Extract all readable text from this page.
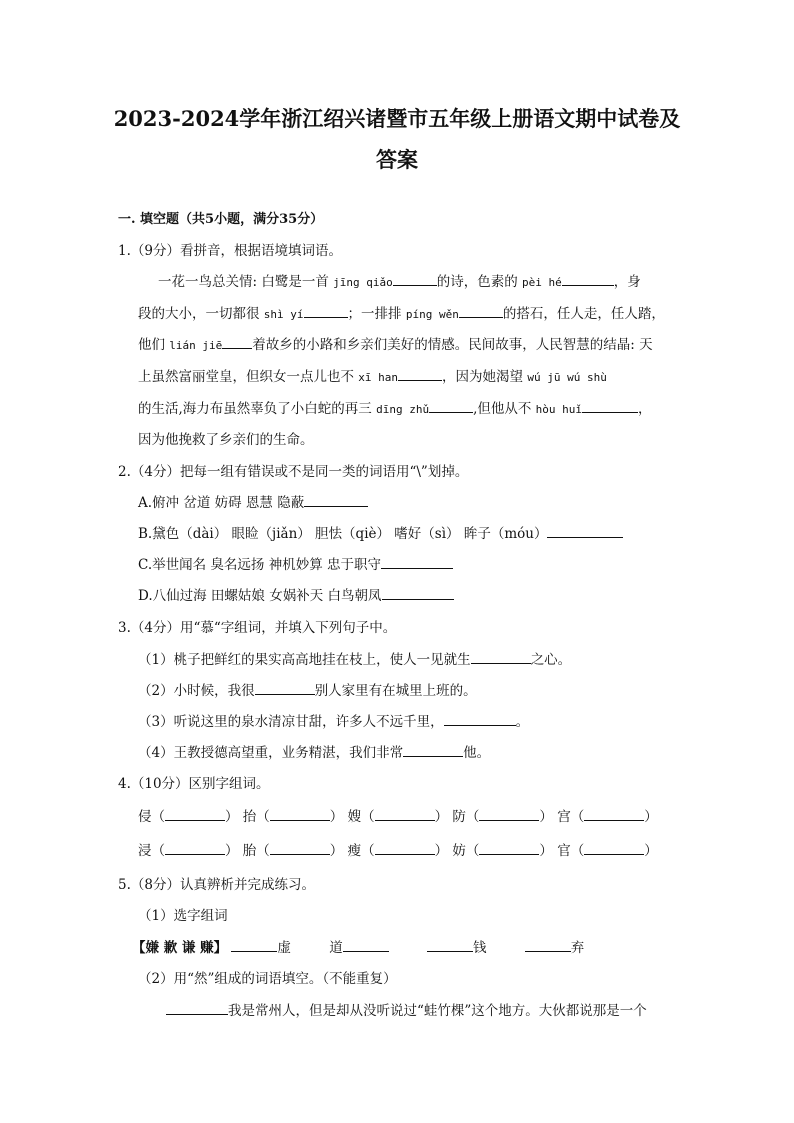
2023-2024学年浙江绍兴诸暨市五年级上册语文期中试卷及
答案
一. 填空题（共5小题，满分35分）
1.（9分）看拼音，根据语境填词语。
一花一鸟总关情: 白鹭是一首 jīng qiǎo	的诗，色素的 pèi hé	，身
段的大小，一切都很 shì yí	；一排排 píng wěn	的搭石，任人走，任人踏，
他们 lián jiē 着故乡的小路和乡亲们美好的情感。民间故事，人民智慧的结晶: 天
上虽然富丽堂皇，但织女一点儿也不 xī han	，因为她渴望 wú jū wú shù
的生活,海力布虽然辜负了小白蛇的再三 dīng zhǔ	,但他从不 hòu huǐ	，
因为他挽救了乡亲们的生命。
2.（4分）把每一组有错误或不是同一类的词语用“\”划掉。
A.俯冲 岔道 妨碍 恩慧 隐蔽
B.黛色（dài） 眼睑（jiǎn） 胆怯（qiè） 嗜好（sì） 眸子（móu）
C.举世闻名 臭名远扬 神机妙算 忠于职守
D.八仙过海 田螺姑娘 女娲补天 白鸟朝凤
3.（4分）用“慕“字组词，并填入下列句子中。
（1）桃子把鲜红的果实高高地挂在枝上，使人一见就生	之心。
（2）小时候，我很	别人家里有在城里上班的。
（3）听说这里的泉水清凉甘甜，许多人不远千里，	。
（4）王教授德高望重，业务精湛，我们非常	他。
4.（10分）区别字组词。
侵（	） 抬（	） 嫂（	） 防（	） 宫（	）
浸（	） 胎（	） 瘦（	） 妨（	） 官（	）
5.（8分）认真辨析并完成练习。
（1）选字组词
【嫌 歉 谦 赚】	虚	道	钱	弃
（2）用“然”组成的词语填空。（不能重复）
我是常州人，但是却从没听说过“蛙竹棵”这个地方。大伙都说那是一个
